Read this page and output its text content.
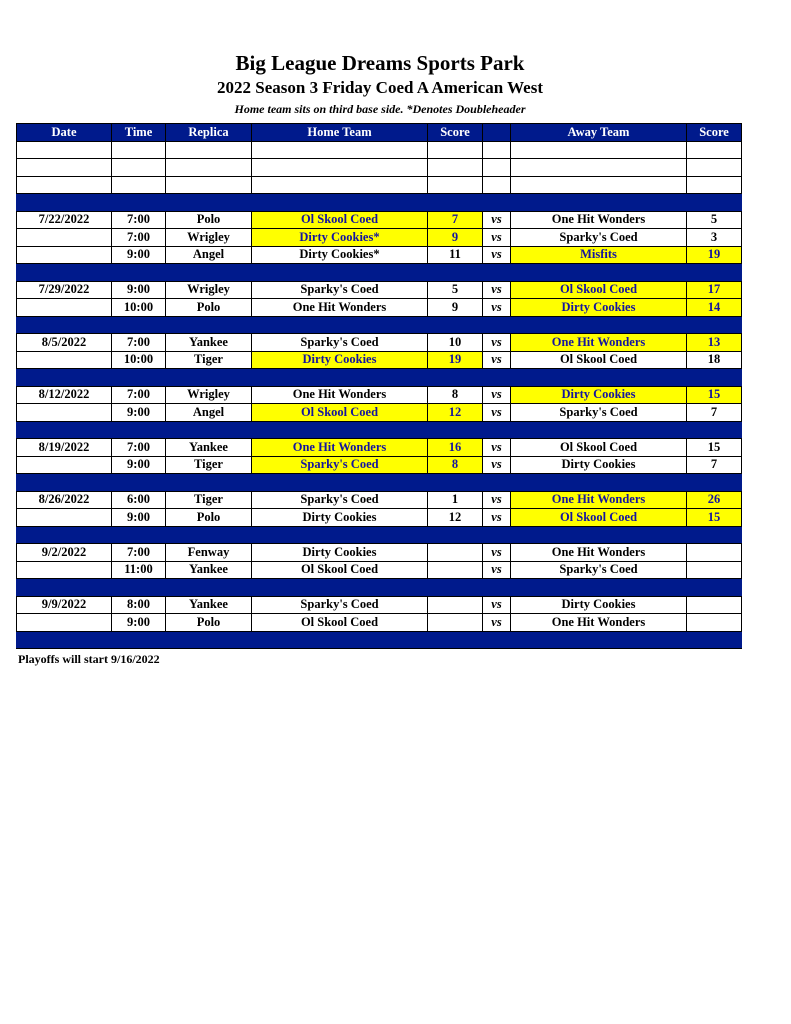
Big League Dreams Sports Park
2022 Season 3 Friday Coed A American West
Home team sits on third base side. *Denotes Doubleheader
Date	Time	Replica	Home Team	Score		Away Team	Score

7/22/2022	7:00	Polo	Ol Skool Coed	7	vs	One Hit Wonders	5
	7:00	Wrigley	Dirty Cookies*	9	vs	Sparky's Coed	3
	9:00	Angel	Dirty Cookies*	11	vs	Misfits	19

7/29/2022	9:00	Wrigley	Sparky's Coed	5	vs	Ol Skool Coed	17
	10:00	Polo	One Hit Wonders	9	vs	Dirty Cookies	14

8/5/2022	7:00	Yankee	Sparky's Coed	10	vs	One Hit Wonders	13
	10:00	Tiger	Dirty Cookies	19	vs	Ol Skool Coed	18

8/12/2022	7:00	Wrigley	One Hit Wonders	8	vs	Dirty Cookies	15
	9:00	Angel	Ol Skool Coed	12	vs	Sparky's Coed	7

8/19/2022	7:00	Yankee	One Hit Wonders	16	vs	Ol Skool Coed	15
	9:00	Tiger	Sparky's Coed	8	vs	Dirty Cookies	7

8/26/2022	6:00	Tiger	Sparky's Coed	1	vs	One Hit Wonders	26
	9:00	Polo	Dirty Cookies	12	vs	Ol Skool Coed	15

9/2/2022	7:00	Fenway	Dirty Cookies		vs	One Hit Wonders	
	11:00	Yankee	Ol Skool Coed		vs	Sparky's Coed	

9/9/2022	8:00	Yankee	Sparky's Coed		vs	Dirty Cookies	
	9:00	Polo	Ol Skool Coed		vs	One Hit Wonders	

Playoffs will start 9/16/2022
